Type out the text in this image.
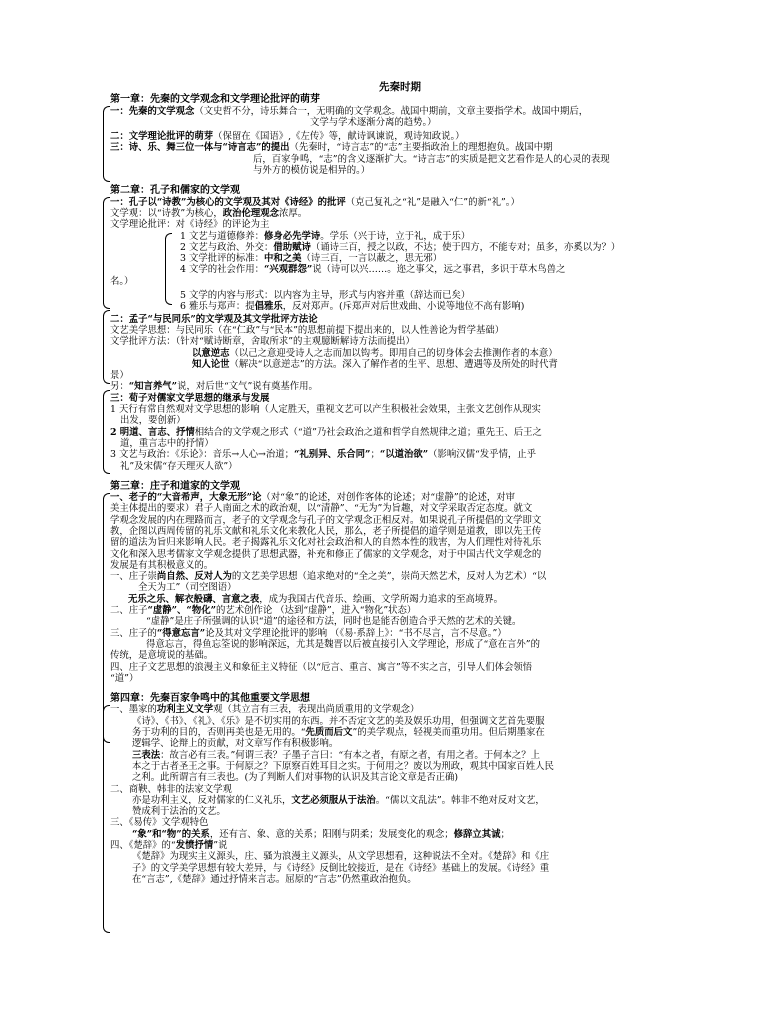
先秦时期
第一章：先秦的文学观念和文学理论批评的萌芽
一：先秦的文学观念（文史哲不分，诗乐舞合一，无明确的文学观念。战国中期前，文章主要指学术。战国中期后，
文学与学术逐渐分离的趋势。）
二：文学理论批评的萌芽（保留在《国语》,《左传》等，献诗讽谏说，观诗知政说。）
三：诗、乐、舞三位一体与“诗言志”的提出（先秦时，“诗言志”的“志”主要指政治上的理想抱负。战国中期
后，百家争鸣，“志”的含义逐渐扩大。“诗言志”的实质是把文艺看作是人的心灵的表现
与外方的模仿说是相异的。）
第二章：孔子和儒家的文学观
一：孔子以“诗教”为核心的文学观及其对《诗经》的批评（克己复礼之“礼”是融入“仁”的新“礼”。）
文学观：以“诗教”为核心，政治伦理观念浓厚。
文学理论批评：对《诗经》的评论为主
1 文艺与道德修养：修身必先学诗。学乐（兴于诗，立于礼，成于乐）
2 文艺与政治、外交：借助赋诗（诵诗三百，授之以政，不达；使于四方，不能专对；虽多，亦奚以为？）
3 文学批评的标准：中和之美（诗三百，一言以蔽之，思无邪）
4 文学的社会作用：“兴观群怨”说（诗可以兴……。迩之事父，远之事君，多识于草木鸟兽之
名。）
5 文学的内容与形式：以内容为主导，形式与内容并重（辞达而已矣）
6 雅乐与郑声：提倡雅乐，反对郑声。(斥郑声对后世戏曲、小说等地位不高有影响)
二：孟子“与民同乐”的文学观及其文学批评方法论
文艺美学思想：与民同乐（在“仁政”与“民本”的思想前提下提出来的，以人性善论为哲学基础）
文学批评方法：（针对“赋诗断章，舍取所求”的主观臆断解诗方法而提出）
以意逆志（以己之意迎受诗人之志而加以钩考。即用自己的切身体会去推测作者的本意）
知人论世（解决“以意逆志”的方法。深入了解作者的生平、思想、遭遇等及所处的时代背
景）
另：“知言养气”说，对后世“文气”说有奠基作用。
三：荀子对儒家文学思想的继承与发展
1 天行有常自然观对文学思想的影响（人定胜天，重视文艺可以产生积极社会效果，主张文艺创作从现实
出发，要创新）
2 明道、言志、抒情相结合的文学观之形式（“道”乃社会政治之道和哲学自然规律之道；重先王、后王之
道，重言志中的抒情）
3 文艺与政治：《乐论》：音乐→人心→治道；“礼别异、乐合同”；“以道治欲”（影响汉儒“发乎情，止乎
礼”及宋儒“存天理灭人欲”）
第三章：庄子和道家的文学观
一、老子的“大音希声，大象无形”论（对“象”的论述，对创作客体的论述；对“虚静”的论述，对审
美主体提出的要求）君子人南面之术的政治观，以“清静”、“无为”为旨趣，对文学采取否定态度。就文
学观念发展的内在理路而言，老子的文学观念与孔子的文学观念正相反对。如果说孔子所提倡的文学即文
教，企图以西周传留的礼乐文献和礼乐文化来教化人民，那么，老子所提倡的道学则是道教，即以先王传
留的道法为旨归来影响人民。老子揭露礼乐文化对社会政治和人的自然本性的戕害，为人们理性对待礼乐
文化和深入思考儒家文学观念提供了思想武器，补充和修正了儒家的文学观念，对于中国古代文学观念的
发展是有其积极意义的。
一、庄子崇尚自然、反对人为的文艺美学思想（追求绝对的“全之美”，崇尚天然艺术，反对人为艺术）“以
全天为工”（司空图语）
无乐之乐、解衣般礴、言意之表，成为我国古代音乐、绘画、文学所竭力追求的至高境界。
二、庄子“虚静”、“物化”的艺术创作论 （达到“虚静”，进入“物化”状态）
“虚静”是庄子所强调的认识“道”的途径和方法，同时也是能否创造合乎天然的艺术的关键。
三、庄子的“得意忘言”论及其对文学理论批评的影响 （《易·系辞上》：“书不尽言，言不尽意。”）
得意忘言，得鱼忘筌说的影响深远，尤其是魏晋以后被直接引入文学理论，形成了“意在言外”的
传统，是意境说的基础。
四、庄子文艺思想的浪漫主义和象征主义特征（以“卮言、重言、寓言”等不实之言，引导人们体会领悟
“道”）
第四章：先秦百家争鸣中的其他重要文学思想
一、墨家的功利主义文学观（其立言有三表，表现出尚质重用的文学观念）
《诗》、《书》、《礼》、《乐》是不切实用的东西。并不否定文艺的美及娱乐功用，但强调文艺首先要服
务于功利的目的，否则再美也是无用的。“先质而后文”的美学观点，轻视美而重功用。但后期墨家在
逻辑学、论辩上的贡献，对文章写作有积极影响。
三表法：故言必有三表。”何谓三表？子墨子言曰：“有本之者，有原之者，有用之者。于何本之？上
本之于古者圣王之事。于何原之？下原察百姓耳目之实。于何用之？废以为刑政，观其中国家百姓人民
之利。此所谓言有三表也。(为了判断人们对事物的认识及其言论文章是否正确)
二、商鞅、韩非的法家文学观
亦是功利主义，反对儒家的仁义礼乐，文艺必须服从于法治。“儒以文乱法”。韩非不绝对反对文艺，
赞成利于法治的文艺。
三、《易传》文学观特色
“象”和“物”的关系，还有言、象、意的关系；阳刚与阴柔；发展变化的观念；修辞立其诚；
四、《楚辞》的“发愤抒情”说
《楚辞》为现实主义源头，庄、骚为浪漫主义源头，从文学思想看，这种说法不全对。《楚辞》和《庄
子》的文学美学思想有较大差异，与《诗经》反倒比较接近，是在《诗经》基础上的发展。《诗经》重
在“言志”,《楚辞》通过抒情来言志。屈原的“言志”仍然重政治抱负。
